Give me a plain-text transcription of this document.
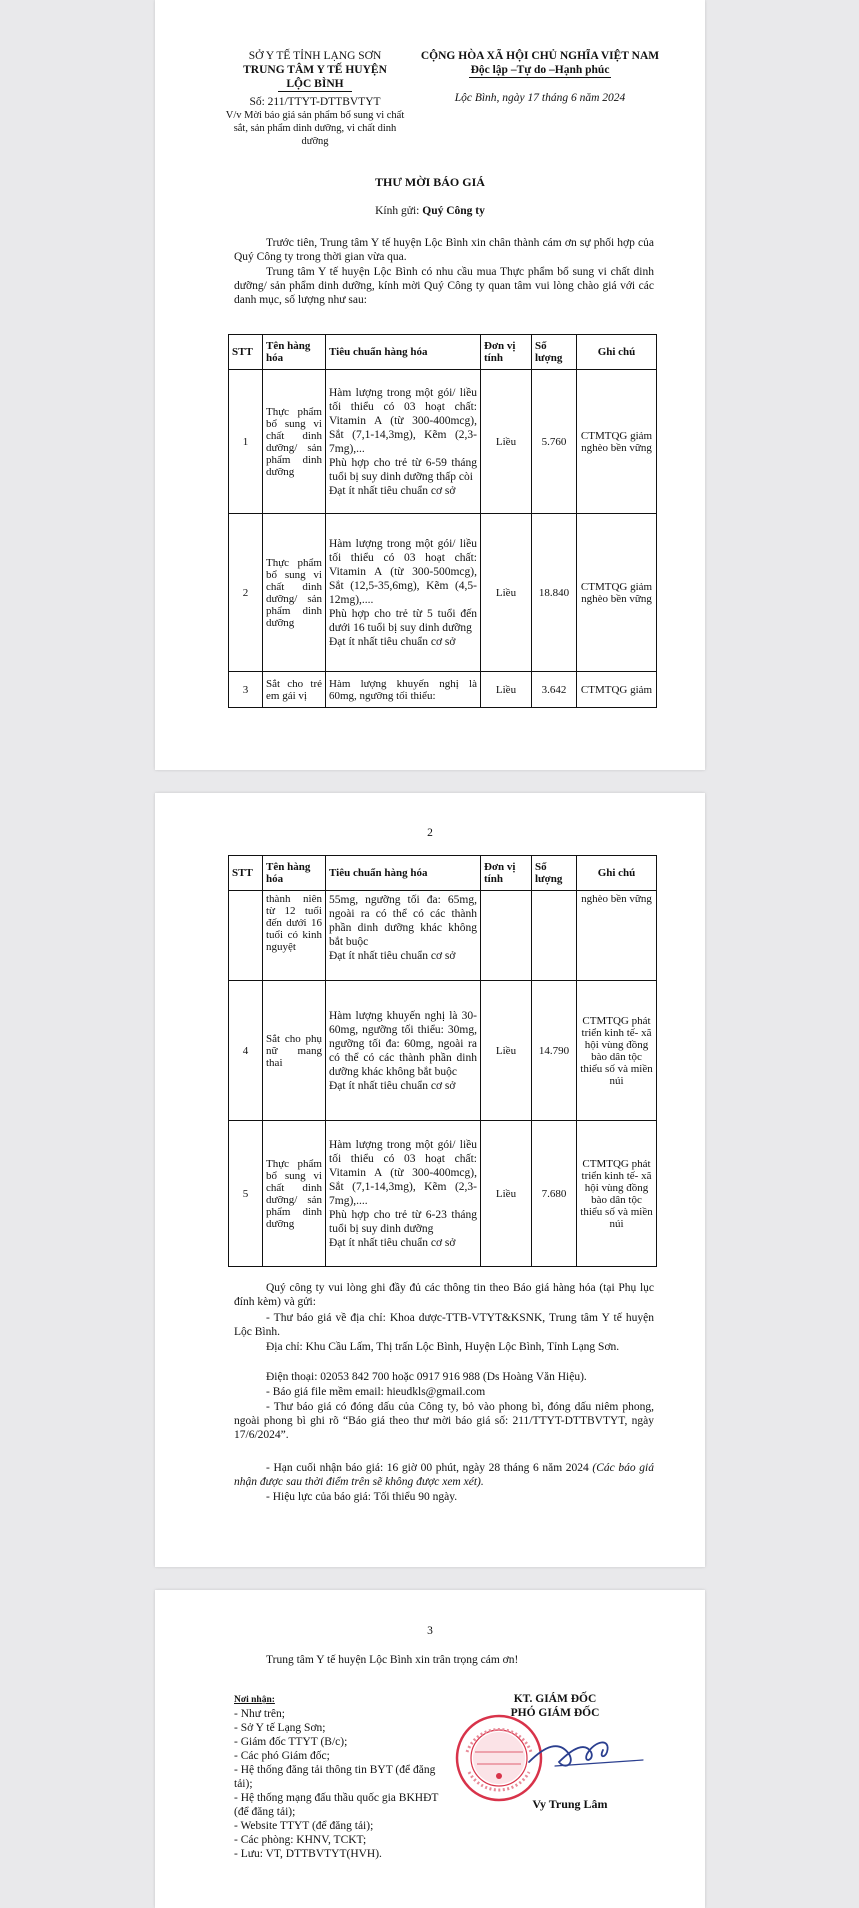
SỞ Y TẾ TỈNH LẠNG SƠN
TRUNG TÂM Y TẾ HUYỆN
LỘC BÌNH
Số: 211/TTYT-DTTBVTYT
V/v Mời báo giá sản phẩm bổ sung vi chất sắt, sản phẩm dinh dưỡng, vi chất dinh dưỡng
CỘNG HÒA XÃ HỘI CHỦ NGHĨA VIỆT NAM
Độc lập –Tự do –Hạnh phúc
Lộc Bình, ngày 17 tháng 6 năm 2024
THƯ MỜI BÁO GIÁ
Kính gửi: Quý Công ty

Trước tiên, Trung tâm Y tế huyện Lộc Bình xin chân thành cám ơn sự phối hợp của Quý Công ty trong thời gian vừa qua.

Trung tâm Y tế huyện Lộc Bình có nhu cầu mua Thực phẩm bổ sung vi chất dinh dưỡng/ sản phẩm dinh dưỡng, kính mời Quý Công ty quan tâm vui lòng chào giá với các danh mục, số lượng như sau:

STT	Tên hàng hóa	Tiêu chuẩn hàng hóa	Đơn vị tính	Số lượng	Ghi chú
1	Thực phẩm bổ sung vi chất dinh dưỡng/ sản phẩm dinh dưỡng	Hàm lượng trong một gói/ liều tối thiểu có 03 hoạt chất: Vitamin A (từ 300-400mcg), Sắt (7,1-14,3mg), Kẽm (2,3-7mg),...
Phù hợp cho trẻ từ 6-59 tháng tuổi bị suy dinh dưỡng thấp còi
Đạt ít nhất tiêu chuẩn cơ sở	Liều	5.760	CTMTQG giảm nghèo bền vững
2	Thực phẩm bổ sung vi chất dinh dưỡng/ sản phẩm dinh dưỡng	Hàm lượng trong một gói/ liều tối thiểu có 03 hoạt chất: Vitamin A (từ 300-500mcg), Sắt (12,5-35,6mg), Kẽm (4,5-12mg),....
Phù hợp cho trẻ từ 5 tuổi đến dưới 16 tuổi bị suy dinh dưỡng
Đạt ít nhất tiêu chuẩn cơ sở	Liều	18.840	CTMTQG giảm nghèo bền vững
3	Sắt cho trẻ em gái vị	Hàm lượng khuyến nghị là 60mg, ngưỡng tối thiểu:	Liều	3.642	CTMTQG giảm
2
STT	Tên hàng hóa	Tiêu chuẩn hàng hóa	Đơn vị tính	Số lượng	Ghi chú
	thành niên từ 12 tuổi đến dưới 16 tuổi có kinh nguyệt	55mg, ngưỡng tối đa: 65mg, ngoài ra có thể có các thành phần dinh dưỡng khác không bắt buộc
Đạt ít nhất tiêu chuẩn cơ sở			nghèo bền vững
4	Sắt cho phụ nữ mang thai	Hàm lượng khuyến nghị là 30-60mg, ngưỡng tối thiểu: 30mg, ngưỡng tối đa: 60mg, ngoài ra có thể có các thành phần dinh dưỡng khác không bắt buộc
Đạt ít nhất tiêu chuẩn cơ sở	Liều	14.790	CTMTQG phát triển kinh tế- xã hội vùng đồng bào dân tộc thiểu số và miền núi
5	Thực phẩm bổ sung vi chất dinh dưỡng/ sản phẩm dinh dưỡng	Hàm lượng trong một gói/ liều tối thiểu có 03 hoạt chất: Vitamin A (từ 300-400mcg), Sắt (7,1-14,3mg), Kẽm (2,3-7mg),....
Phù hợp cho trẻ từ 6-23 tháng tuổi bị suy dinh dưỡng
Đạt ít nhất tiêu chuẩn cơ sở	Liều	7.680	CTMTQG phát triển kinh tế- xã hội vùng đồng bào dân tộc thiểu số và miền núi

Quý công ty vui lòng ghi đầy đủ các thông tin theo Báo giá hàng hóa (tại Phụ lục đính kèm) và gửi:

- Thư báo giá về địa chỉ: Khoa dược-TTB-VTYT&KSNK, Trung tâm Y tế huyện Lộc Bình.

Địa chỉ: Khu Cầu Lấm, Thị trấn Lộc Bình, Huyện Lộc Bình, Tỉnh Lạng Sơn.

Điện thoại: 02053 842 700 hoặc 0917 916 988 (Ds Hoàng Văn Hiệu).

- Báo giá file mềm email: hieudkls@gmail.com

- Thư báo giá có đóng dấu của Công ty, bỏ vào phong bì, đóng dấu niêm phong, ngoài phong bì ghi rõ “Báo giá theo thư mời báo giá số: 211/TTYT-DTTBVTYT, ngày 17/6/2024”.

- Hạn cuối nhận báo giá: 16 giờ 00 phút, ngày 28 tháng 6 năm 2024 (Các báo giá nhận được sau thời điểm trên sẽ không được xem xét).

- Hiệu lực của báo giá: Tối thiểu 90 ngày.

3

Trung tâm Y tế huyện Lộc Bình xin trân trọng cám ơn!

Nơi nhận:
- Như trên;
- Sở Y tế Lạng Sơn;
- Giám đốc TTYT (B/c);
- Các phó Giám đốc;
- Hệ thống đăng tải thông tin BYT (để đăng tải);
- Hệ thống mạng đấu thầu quốc gia BKHĐT
(để đăng tải);
- Website TTYT (để đăng tải);
- Các phòng: KHNV, TCKT;
- Lưu: VT, DTTBVTYT(HVH).
KT. GIÁM ĐỐC
PHÓ GIÁM ĐỐC
Vy Trung Lâm
